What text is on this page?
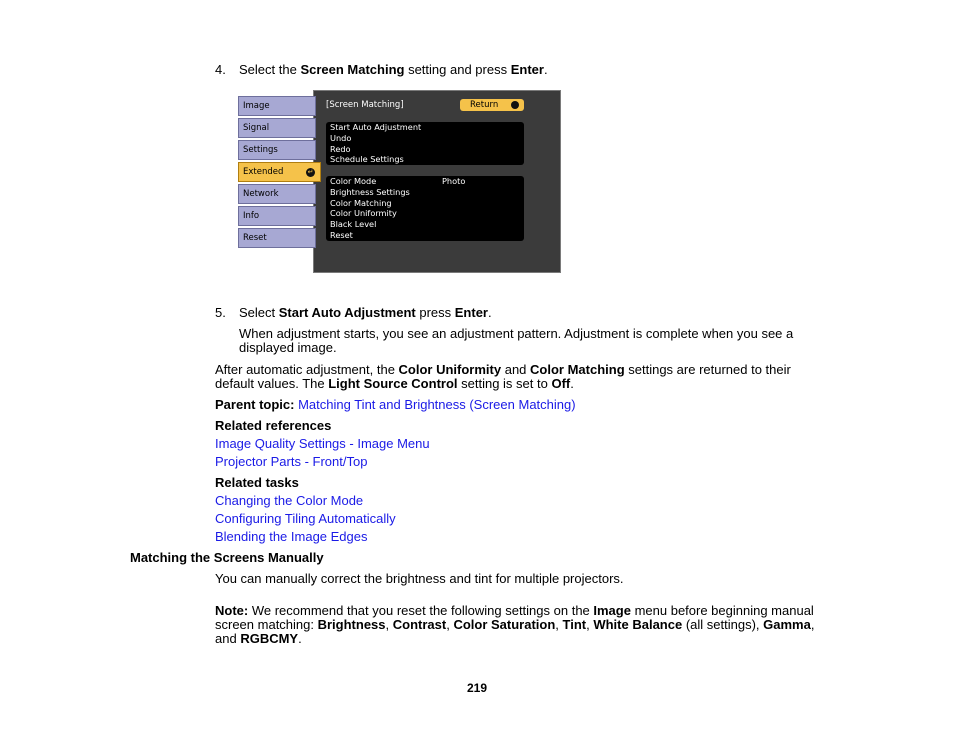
4. Select the Screen Matching setting and press Enter.
Image
Signal
Settings
Extended	↵
Network
Info
Reset
[Screen Matching]	Return
Start Auto Adjustment
Undo
Redo
Schedule Settings
Color Mode	Photo
Brightness Settings
Color Matching
Color Uniformity
Black Level
Reset
5. Select Start Auto Adjustment press Enter.
When adjustment starts, you see an adjustment pattern. Adjustment is complete when you see a
displayed image.
After automatic adjustment, the Color Uniformity and Color Matching settings are returned to their
default values. The Light Source Control setting is set to Off.
Parent topic: Matching Tint and Brightness (Screen Matching)
Related references
Image Quality Settings - Image Menu
Projector Parts - Front/Top
Related tasks
Changing the Color Mode
Configuring Tiling Automatically
Blending the Image Edges
Matching the Screens Manually
You can manually correct the brightness and tint for multiple projectors.
Note: We recommend that you reset the following settings on the Image menu before beginning manual
screen matching: Brightness, Contrast, Color Saturation, Tint, White Balance (all settings), Gamma,
and RGBCMY.
219
